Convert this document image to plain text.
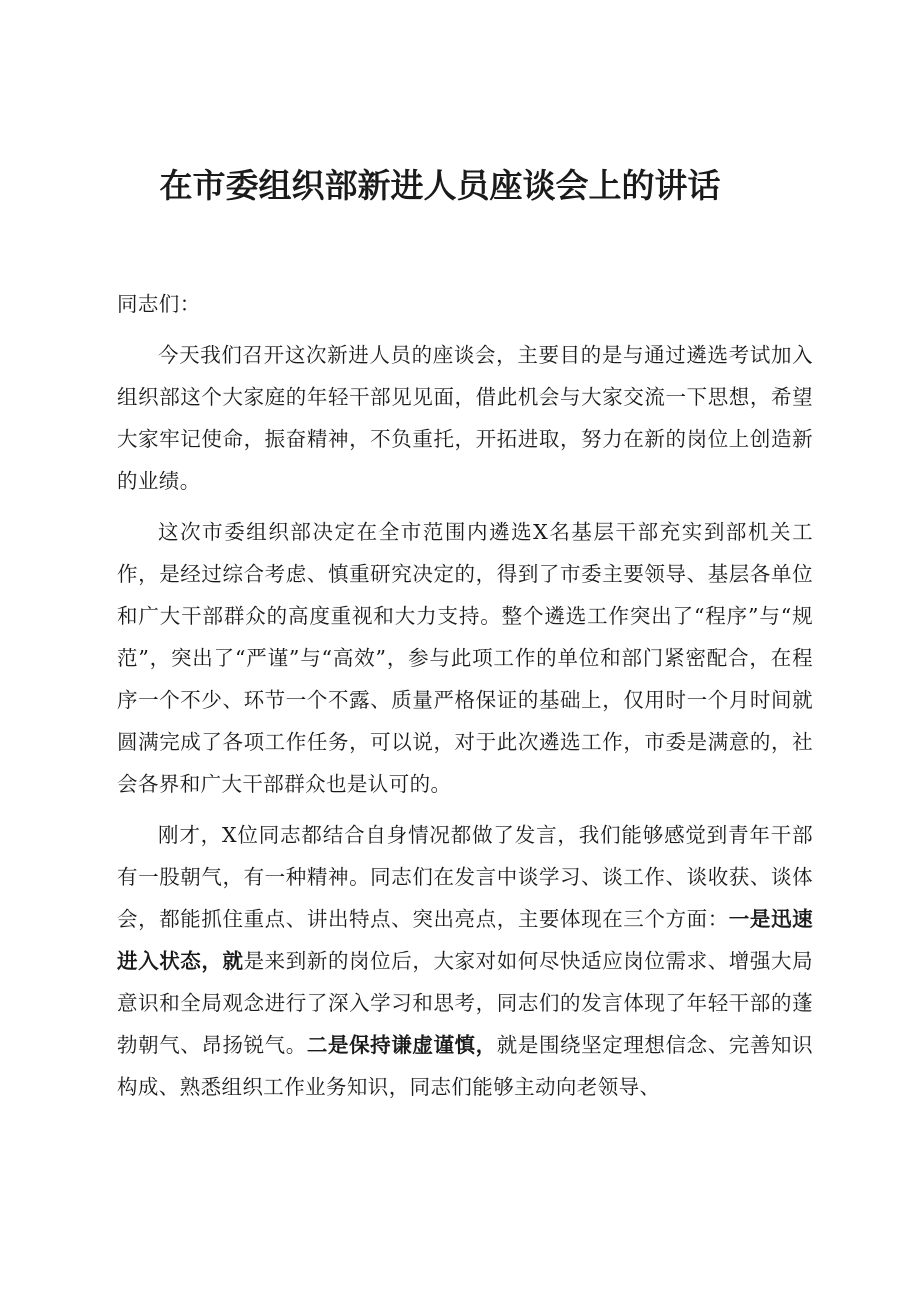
在市委组织部新进人员座谈会上的讲话

同志们：

今天我们召开这次新进人员的座谈会，主要目的是与通过遴选考试加入组织部这个大家庭的年轻干部见见面，借此机会与大家交流一下思想，希望大家牢记使命，振奋精神，不负重托，开拓进取，努力在新的岗位上创造新的业绩。

这次市委组织部决定在全市范围内遴选X名基层干部充实到部机关工作，是经过综合考虑、慎重研究决定的，得到了市委主要领导、基层各单位和广大干部群众的高度重视和大力支持。整个遴选工作突出了“程序”与“规范”，突出了“严谨”与“高效”，参与此项工作的单位和部门紧密配合，在程序一个不少、环节一个不露、质量严格保证的基础上，仅用时一个月时间就圆满完成了各项工作任务，可以说，对于此次遴选工作，市委是满意的，社会各界和广大干部群众也是认可的。

刚才，X位同志都结合自身情况都做了发言，我们能够感觉到青年干部有一股朝气，有一种精神。同志们在发言中谈学习、谈工作、谈收获、谈体会，都能抓住重点、讲出特点、突出亮点，主要体现在三个方面：一是迅速进入状态，就是来到新的岗位后，大家对如何尽快适应岗位需求、增强大局意识和全局观念进行了深入学习和思考，同志们的发言体现了年轻干部的蓬勃朝气、昂扬锐气。二是保持谦虚谨慎，就是围绕坚定理想信念、完善知识构成、熟悉组织工作业务知识，同志们能够主动向老领导、
